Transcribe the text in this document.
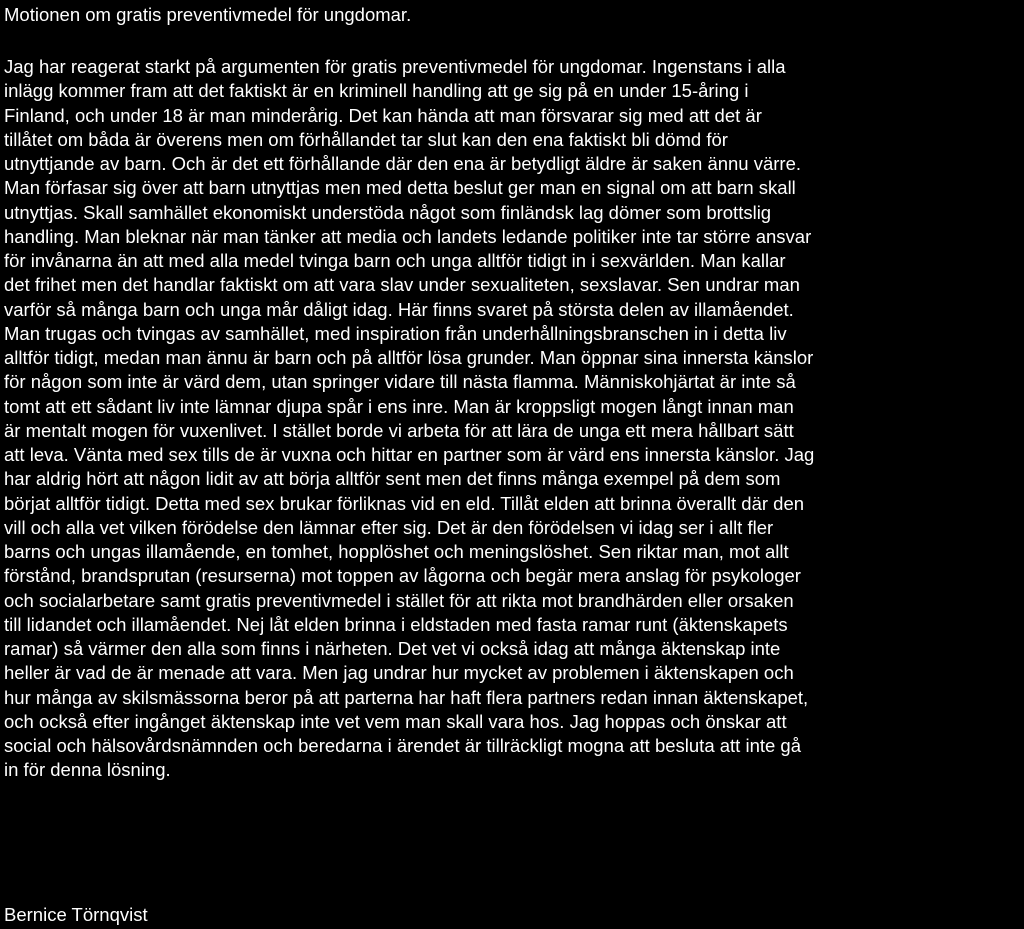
Motionen om gratis preventivmedel för ungdomar.

Jag har reagerat starkt på argumenten för gratis preventivmedel för ungdomar. Ingenstans i alla
inlägg kommer fram att det faktiskt är en kriminell handling att ge sig på en under 15-åring i
Finland, och under 18 är man minderårig. Det kan hända att man försvarar sig med att det är
tillåtet om båda är överens men om förhållandet tar slut kan den ena faktiskt bli dömd för
utnyttjande av barn. Och är det ett förhållande där den ena är betydligt äldre är saken ännu värre.
Man förfasar sig över att barn utnyttjas men med detta beslut ger man en signal om att barn skall
utnyttjas. Skall samhället ekonomiskt understöda något som finländsk lag dömer som brottslig
handling. Man bleknar när man tänker att media och landets ledande politiker inte tar större ansvar
för invånarna än att med alla medel tvinga barn och unga alltför tidigt in i sexvärlden. Man kallar
det frihet men det handlar faktiskt om att vara slav under sexualiteten, sexslavar. Sen undrar man
varför så många barn och unga mår dåligt idag. Här finns svaret på största delen av illamåendet.
Man trugas och tvingas av samhället, med inspiration från underhållningsbranschen in i detta liv
alltför tidigt, medan man ännu är barn och på alltför lösa grunder. Man öppnar sina innersta känslor
för någon som inte är värd dem, utan springer vidare till nästa flamma. Människohjärtat är inte så
tomt att ett sådant liv inte lämnar djupa spår i ens inre. Man är kroppsligt mogen långt innan man
är mentalt mogen för vuxenlivet. I stället borde vi arbeta för att lära de unga ett mera hållbart sätt
att leva. Vänta med sex tills de är vuxna och hittar en partner som är värd ens innersta känslor. Jag
har aldrig hört att någon lidit av att börja alltför sent men det finns många exempel på dem som
börjat alltför tidigt. Detta med sex brukar förliknas vid en eld. Tillåt elden att brinna överallt där den
vill och alla vet vilken förödelse den lämnar efter sig. Det är den förödelsen vi idag ser i allt fler
barns och ungas illamående, en tomhet, hopplöshet och meningslöshet. Sen riktar man, mot allt
förstånd, brandsprutan (resurserna) mot toppen av lågorna och begär mera anslag för psykologer
och socialarbetare samt gratis preventivmedel i stället för att rikta mot brandhärden eller orsaken
till lidandet och illamåendet. Nej låt elden brinna i eldstaden med fasta ramar runt (äktenskapets
ramar) så värmer den alla som finns i närheten. Det vet vi också idag att många äktenskap inte
heller är vad de är menade att vara. Men jag undrar hur mycket av problemen i äktenskapen och
hur många av skilsmässorna beror på att parterna har haft flera partners redan innan äktenskapet,
och också efter ingånget äktenskap inte vet vem man skall vara hos. Jag hoppas och önskar att
social och hälsovårdsnämnden och beredarna i ärendet är tillräckligt mogna att besluta att inte gå
in för denna lösning.

Bernice Törnqvist
